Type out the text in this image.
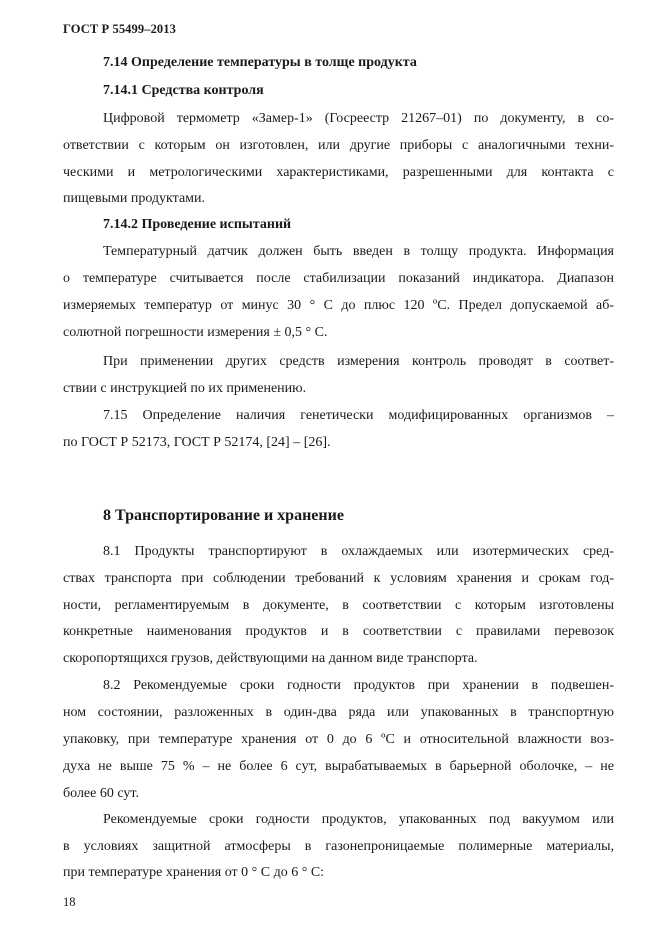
ГОСТ Р 55499–2013
7.14 Определение температуры в толще продукта
7.14.1 Средства контроля
Цифровой термометр «Замер-1» (Госреестр 21267–01) по документу, в со-
ответствии с которым он изготовлен, или другие приборы с аналогичными техни-
ческими и метрологическими характеристиками, разрешенными для контакта с
пищевыми продуктами.
7.14.2 Проведение испытаний
Температурный датчик должен быть введен в толщу продукта. Информация
о температуре считывается после стабилизации показаний индикатора. Диапазон
измеряемых температур от минус 30 ° С до плюс 120 ºС. Предел допускаемой аб-
солютной погрешности измерения ± 0,5 ° С.
При применении других средств измерения контроль проводят в соответ-
ствии с инструкцией по их применению.
7.15 Определение наличия генетически модифицированных организмов –
по ГОСТ Р 52173, ГОСТ Р 52174, [24] – [26].
8 Транспортирование и хранение
8.1 Продукты транспортируют в охлаждаемых или изотермических сред-
ствах транспорта при соблюдении требований к условиям хранения и срокам год-
ности, регламентируемым в документе, в соответствии с которым изготовлены
конкретные наименования продуктов и в соответствии с правилами перевозок
скоропортящихся грузов, действующими на данном виде транспорта.
8.2 Рекомендуемые сроки годности продуктов при хранении в подвешен-
ном состоянии, разложенных в один-два ряда или упакованных в транспортную
упаковку, при температуре хранения от 0 до 6 ºС и относительной влажности воз-
духа не выше 75 % – не более 6 сут, вырабатываемых в барьерной оболочке, – не
более 60 сут.
Рекомендуемые сроки годности продуктов, упакованных под вакуумом или
в условиях защитной атмосферы в газонепроницаемые полимерные материалы,
при температуре хранения от 0 ° С до 6 ° С:
18
